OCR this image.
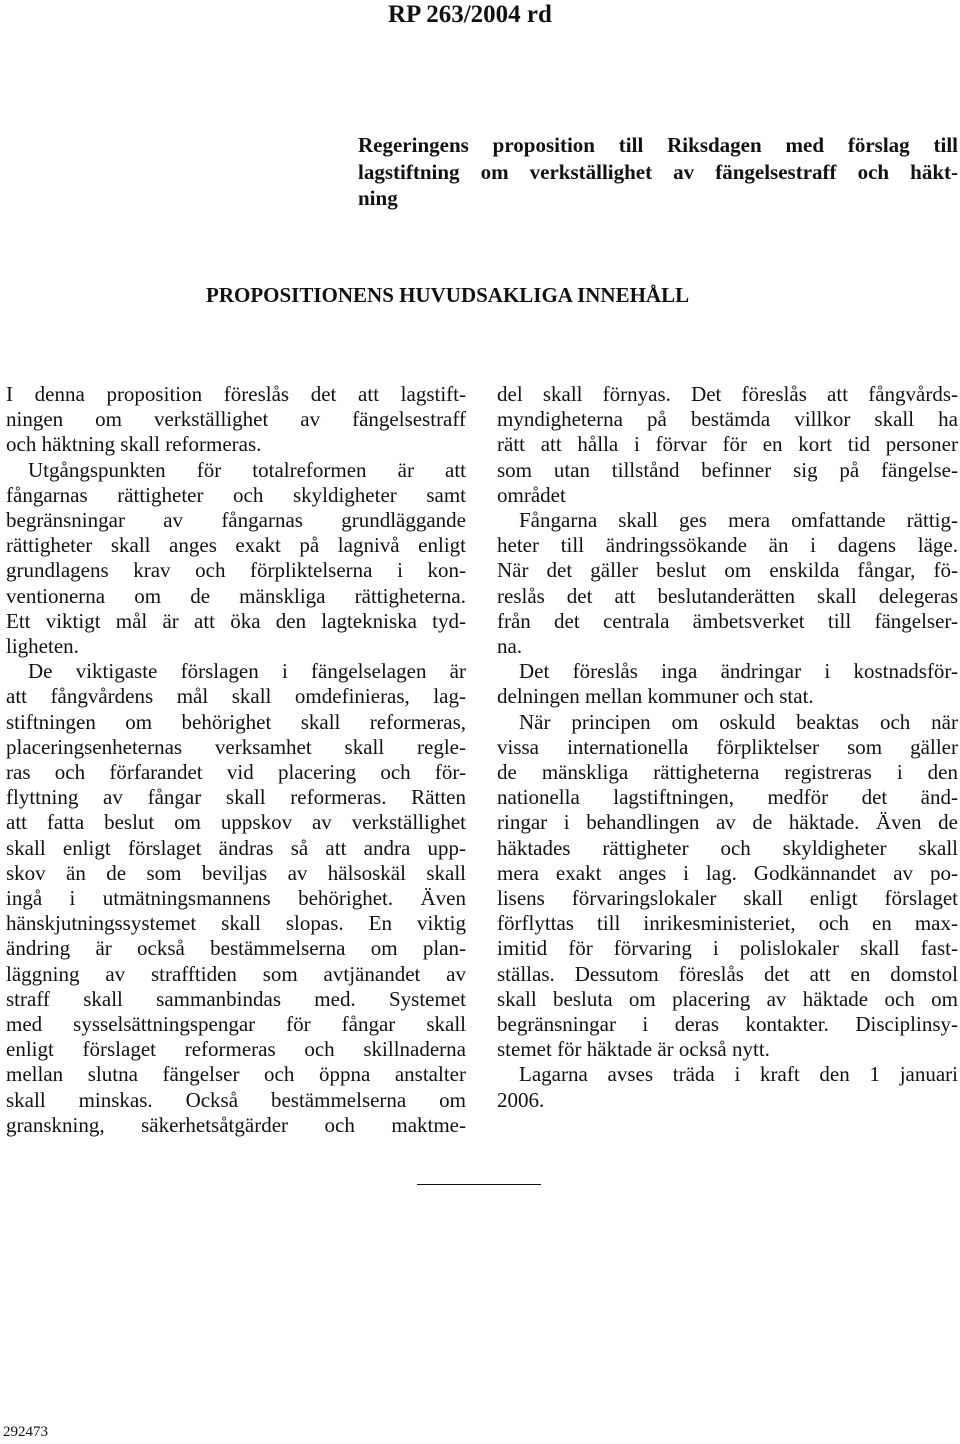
RP 263/2004 rd
Regeringens proposition till Riksdagen med förslag till
lagstiftning om verkställighet av fängelsestraff och häkt-
ning
PROPOSITIONENS HUVUDSAKLIGA INNEHÅLL
I denna proposition föreslås det att lagstift-
ningen om verkställighet av fängelsestraff
och häktning skall reformeras.
Utgångspunkten för totalreformen är att
fångarnas rättigheter och skyldigheter samt
begränsningar av fångarnas grundläggande
rättigheter skall anges exakt på lagnivå enligt
grundlagens krav och förpliktelserna i kon-
ventionerna om de mänskliga rättigheterna.
Ett viktigt mål är att öka den lagtekniska tyd-
ligheten.
De viktigaste förslagen i fängelselagen är
att fångvårdens mål skall omdefinieras, lag-
stiftningen om behörighet skall reformeras,
placeringsenheternas verksamhet skall regle-
ras och förfarandet vid placering och för-
flyttning av fångar skall reformeras. Rätten
att fatta beslut om uppskov av verkställighet
skall enligt förslaget ändras så att andra upp-
skov än de som beviljas av hälsoskäl skall
ingå i utmätningsmannens behörighet. Även
hänskjutningssystemet skall slopas. En viktig
ändring är också bestämmelserna om plan-
läggning av strafftiden som avtjänandet av
straff skall sammanbindas med. Systemet
med sysselsättningspengar för fångar skall
enligt förslaget reformeras och skillnaderna
mellan slutna fängelser och öppna anstalter
skall minskas. Också bestämmelserna om
granskning, säkerhetsåtgärder och maktme-
del skall förnyas. Det föreslås att fångvårds-
myndigheterna på bestämda villkor skall ha
rätt att hålla i förvar för en kort tid personer
som utan tillstånd befinner sig på fängelse-
området
Fångarna skall ges mera omfattande rättig-
heter till ändringssökande än i dagens läge.
När det gäller beslut om enskilda fångar, fö-
reslås det att beslutanderätten skall delegeras
från det centrala ämbetsverket till fängelser-
na.
Det föreslås inga ändringar i kostnadsför-
delningen mellan kommuner och stat.
När principen om oskuld beaktas och när
vissa internationella förpliktelser som gäller
de mänskliga rättigheterna registreras i den
nationella lagstiftningen, medför det änd-
ringar i behandlingen av de häktade. Även de
häktades rättigheter och skyldigheter skall
mera exakt anges i lag. Godkännandet av po-
lisens förvaringslokaler skall enligt förslaget
förflyttas till inrikesministeriet, och en max-
imitid för förvaring i polislokaler skall fast-
ställas. Dessutom föreslås det att en domstol
skall besluta om placering av häktade och om
begränsningar i deras kontakter. Disciplinsy-
stemet för häktade är också nytt.
Lagarna avses träda i kraft den 1 januari
2006.
292473
